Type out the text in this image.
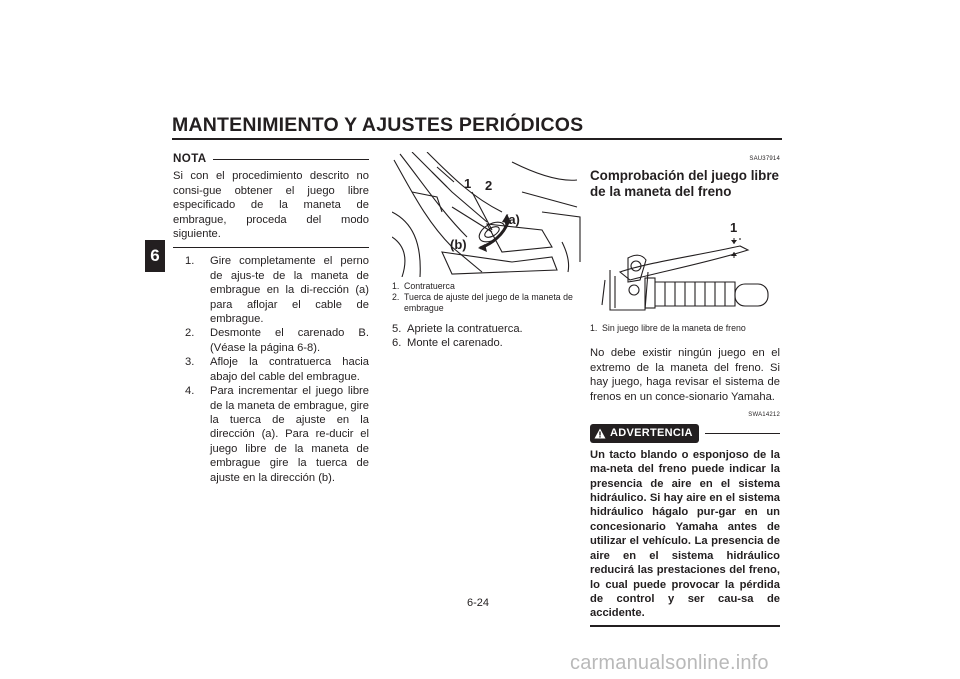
MANTENIMIENTO Y AJUSTES PERIÓDICOS
6
NOTA

Si con el procedimiento descrito no consi-gue obtener el juego libre especificado de la maneta de embrague, proceda del modo siguiente.

1.	Gire completamente el perno de ajus-te de la maneta de embrague en la di-rección (a) para aflojar el cable de embrague.
2.	Desmonte el carenado B. (Véase la página 6-8).
3.	Afloje la contratuerca hacia abajo del cable del embrague.
4.	Para incrementar el juego libre de la maneta de embrague, gire la tuerca de ajuste en la dirección (a). Para re-ducir el juego libre de la maneta de embrague gire la tuerca de ajuste en la dirección (b).
1 2
(a)
(b)
1. Contratuerca
2. Tuerca de ajuste del juego de la maneta de embrague
5. Apriete la contratuerca.
6. Monte el carenado.
SAU37914
Comprobación del juego libre de la maneta del freno
1
1. Sin juego libre de la maneta de freno

No debe existir ningún juego en el extremo de la maneta del freno. Si hay juego, haga revisar el sistema de frenos en un conce-sionario Yamaha.

SWA14212
ADVERTENCIA

Un tacto blando o esponjoso de la ma-neta del freno puede indicar la presencia de aire en el sistema hidráulico. Si hay aire en el sistema hidráulico hágalo pur-gar en un concesionario Yamaha antes de utilizar el vehículo. La presencia de aire en el sistema hidráulico reducirá las prestaciones del freno, lo cual puede provocar la pérdida de control y ser cau-sa de accidente.

6-24
carmanualsonline.info
